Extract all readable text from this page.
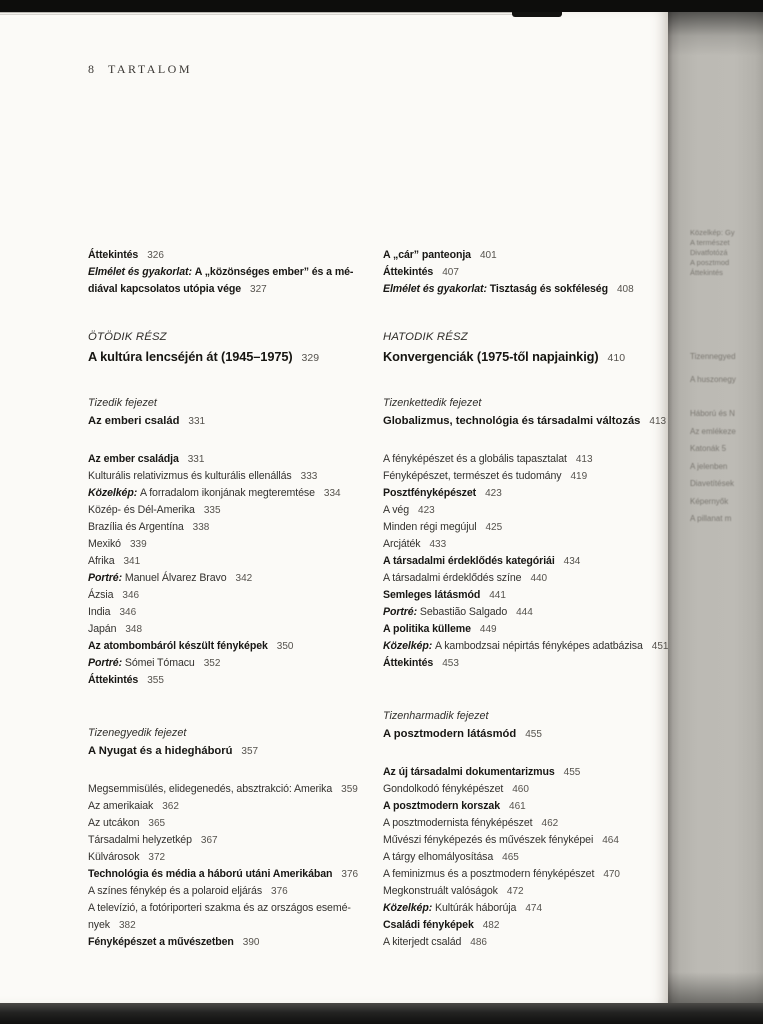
8 TARTALOM
Áttekintés 326
Elmélet és gyakorlat: A „közönséges ember” és a mé-
diával kapcsolatos utópia vége 327
ÖTÖDIK RÉSZ
A kultúra lencséjén át (1945–1975) 329
Tizedik fejezet
Az emberi család 331
Az ember családja 331
Kulturális relativizmus és kulturális ellenállás 333
Közelkép: A forradalom ikonjának megteremtése 334
Közép- és Dél-Amerika 335
Brazília és Argentína 338
Mexikó 339
Afrika 341
Portré: Manuel Álvarez Bravo 342
Ázsia 346
India 346
Japán 348
Az atombombáról készült fényképek 350
Portré: Sómei Tómacu 352
Áttekintés 355
Tizenegyedik fejezet
A Nyugat és a hidegháború 357
Megsemmisülés, elidegenedés, absztrakció: Amerika 359
Az amerikaiak 362
Az utcákon 365
Társadalmi helyzetkép 367
Külvárosok 372
Technológia és média a háború utáni Amerikában 376
A színes fénykép és a polaroid eljárás 376
A televízió, a fotóriporteri szakma és az országos esemé-
nyek 382
Fényképészet a művészetben 390
A „cár” panteonja 401
Áttekintés 407
Elmélet és gyakorlat: Tisztaság és sokféleség 408
HATODIK RÉSZ
Konvergenciák (1975-től napjainkig) 410
Tizenkettedik fejezet
Globalizmus, technológia és társadalmi változás 413
A fényképészet és a globális tapasztalat 413
Fényképészet, természet és tudomány 419
Posztfényképészet 423
A vég 423
Minden régi megújul 425
Arcjáték 433
A társadalmi érdeklődés kategóriái 434
A társadalmi érdeklődés színe 440
Semleges látásmód 441
Portré: Sebastião Salgado 444
A politika külleme 449
Közelkép: A kambodzsai népirtás fényképes adatbázisa 451
Áttekintés 453
Tizenharmadik fejezet
A posztmodern látásmód 455
Az új társadalmi dokumentarizmus 455
Gondolkodó fényképészet 460
A posztmodern korszak 461
A posztmodernista fényképészet 462
Művészi fényképezés és művészek fényképei 464
A tárgy elhomályosítása 465
A feminizmus és a posztmodern fényképészet 470
Megkonstruált valóságok 472
Közelkép: Kultúrák háborúja 474
Családi fényképek 482
A kiterjedt család 486
Közelkép: Gy
A természet
Divatfotózá
A posztmod
Áttekintés
Tizennegyed
A huszonegy
Háború és N
Az emlékeze
Katonák 5
A jelenben
Diavetítések
Képernyők
A pillanat m
